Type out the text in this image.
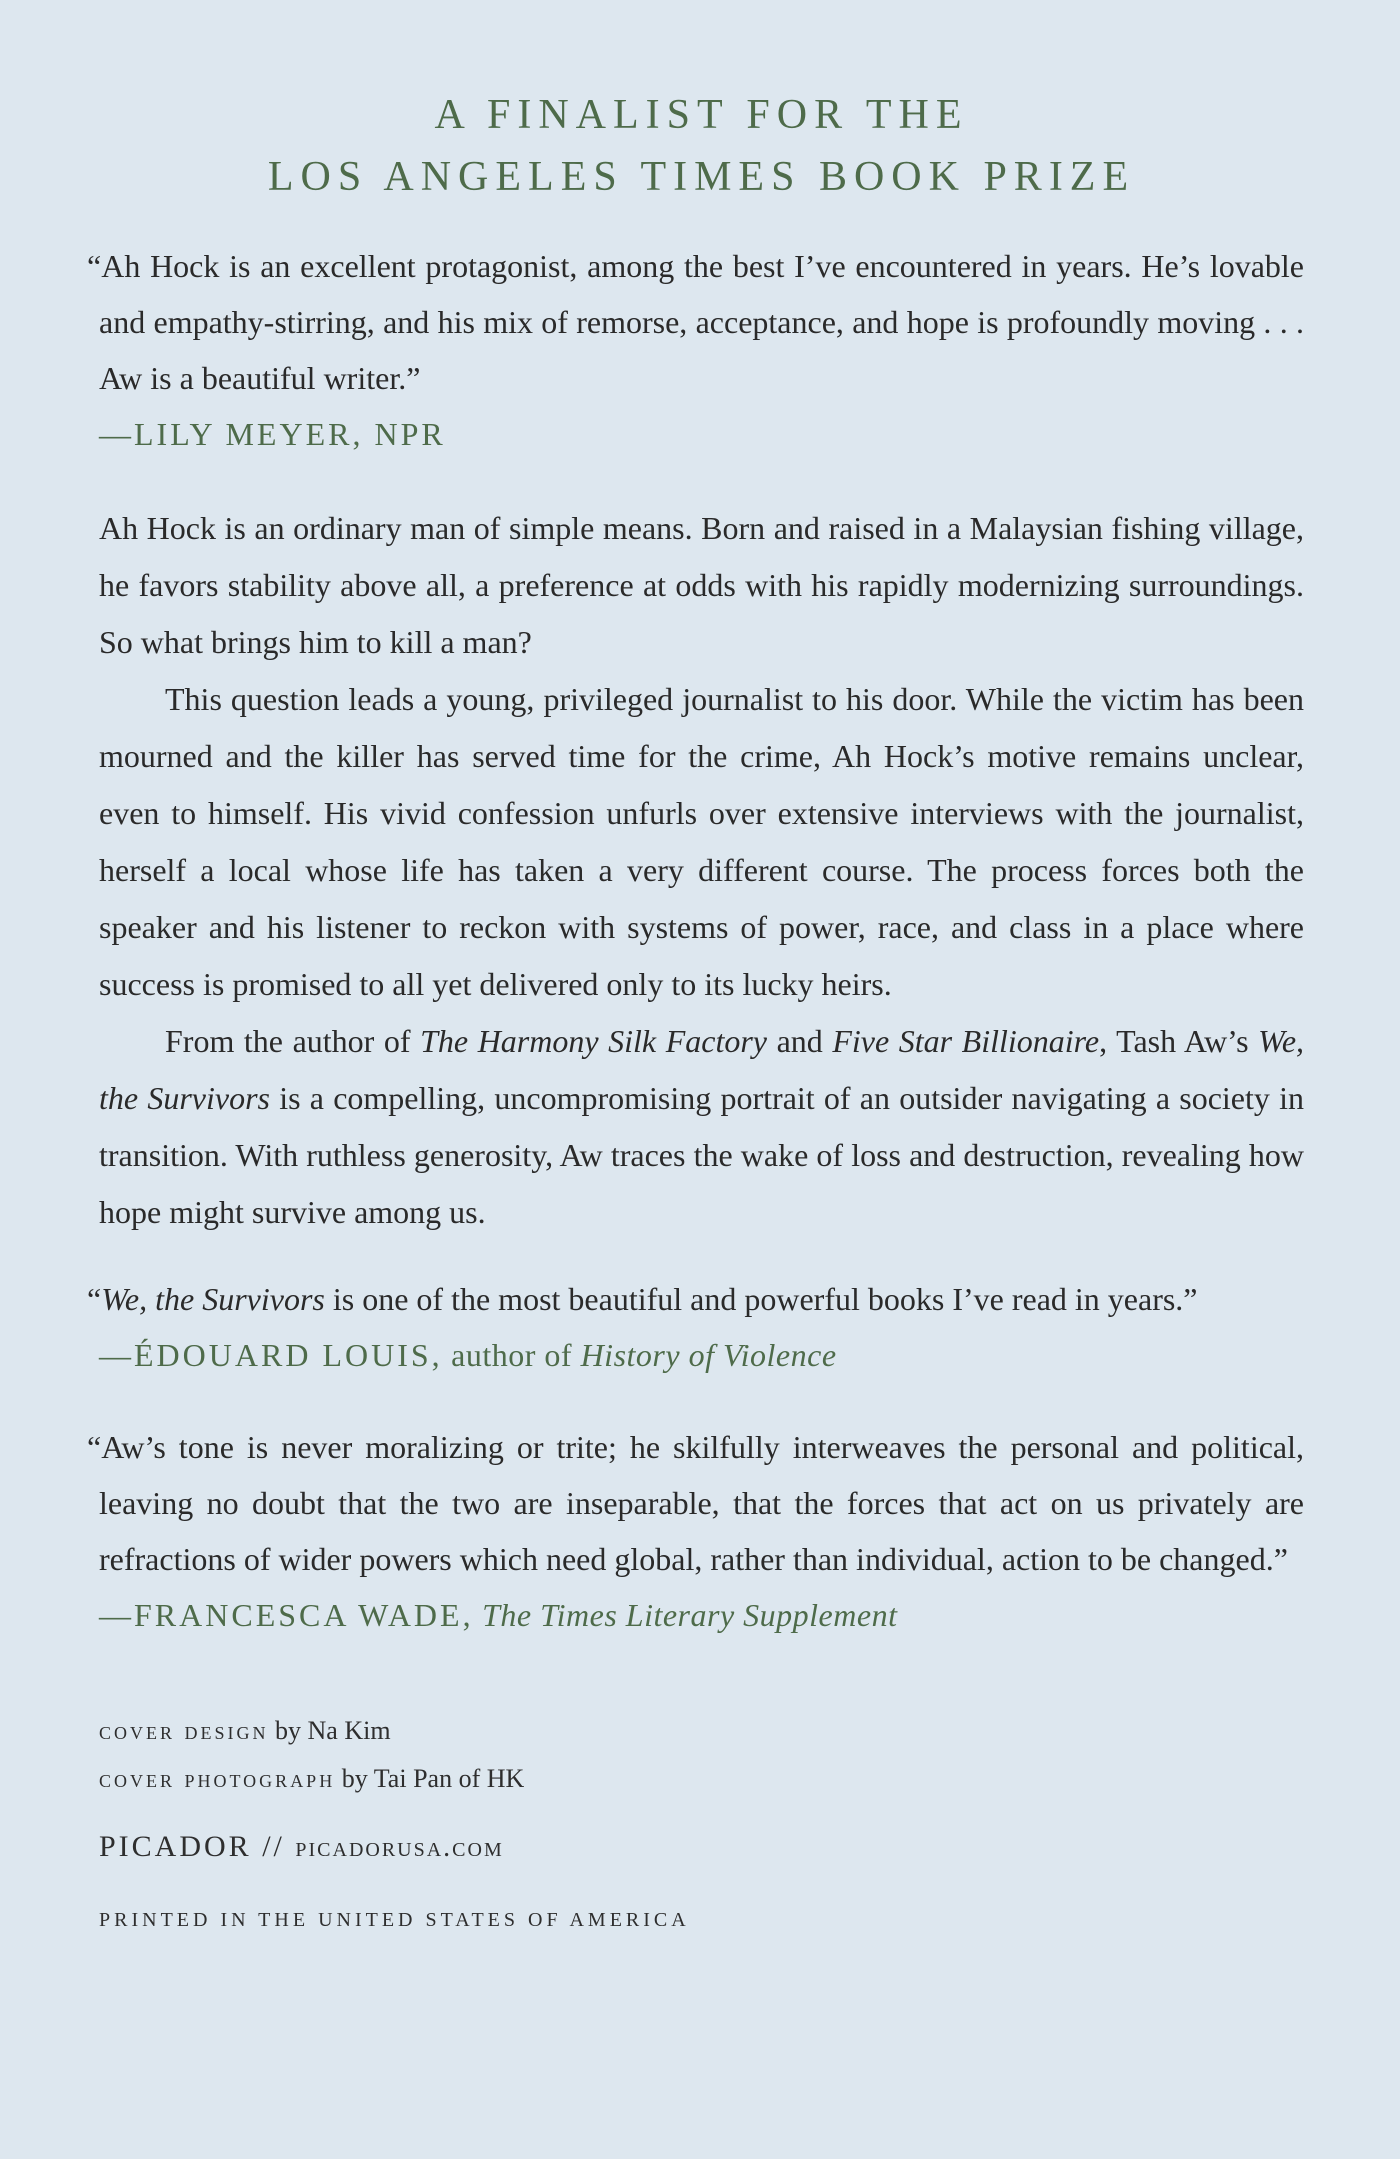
A FINALIST FOR THE
LOS ANGELES TIMES BOOK PRIZE

“Ah Hock is an excellent protagonist, among the best I’ve encountered in years. He’s lovable and empathy-stirring, and his mix of remorse, acceptance, and hope is profoundly moving . . . Aw is a beautiful writer.”

—LILY MEYER, NPR

Ah Hock is an ordinary man of simple means. Born and raised in a Malaysian fishing village, he favors stability above all, a preference at odds with his rapidly modernizing surroundings. So what brings him to kill a man?

This question leads a young, privileged journalist to his door. While the victim has been mourned and the killer has served time for the crime, Ah Hock’s motive remains unclear, even to himself. His vivid confession unfurls over extensive interviews with the journalist, herself a local whose life has taken a very different course. The process forces both the speaker and his listener to reckon with systems of power, race, and class in a place where success is promised to all yet delivered only to its lucky heirs.

From the author of The Harmony Silk Factory and Five Star Billionaire, Tash Aw’s We, the Survivors is a compelling, uncompromising portrait of an outsider navigating a society in transition. With ruthless generosity, Aw traces the wake of loss and destruction, revealing how hope might survive among us.

“We, the Survivors is one of the most beautiful and powerful books I’ve read in years.”

—ÉDOUARD LOUIS, author of History of Violence

“Aw’s tone is never moralizing or trite; he skilfully interweaves the personal and political, leaving no doubt that the two are inseparable, that the forces that act on us privately are refractions of wider powers which need global, rather than individual, action to be changed.”

—FRANCESCA WADE, The Times Literary Supplement

cover design by Na Kim

cover photograph by Tai Pan of HK

PICADOR // picadorusa.com

PRINTED IN THE UNITED STATES OF AMERICA
